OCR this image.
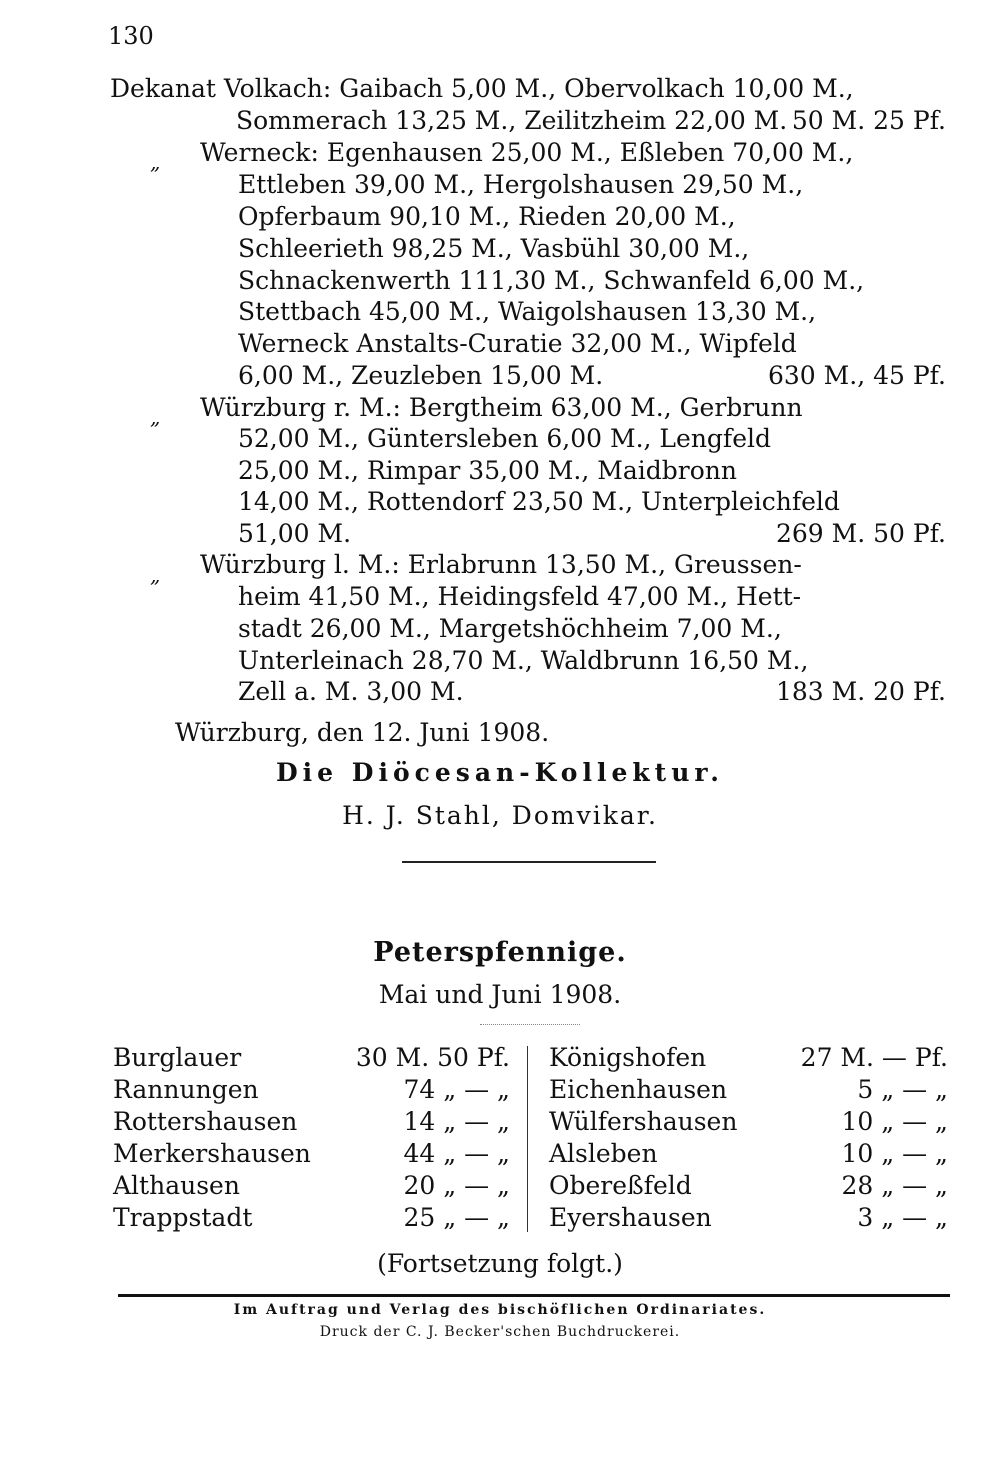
130
Dekanat Volkach: Gaibach 5,00 M., Obervolkach 10,00 M.,
Sommerach 13,25 M., Zeilitzheim 22,00 M. 50 M. 25 Pf.
„ Werneck: Egenhausen 25,00 M., Eßleben 70,00 M.,
Ettleben 39,00 M., Hergolshausen 29,50 M.,
Opferbaum 90,10 M., Rieden 20,00 M.,
Schleerieth 98,25 M., Vasbühl 30,00 M.,
Schnackenwerth 111,30 M., Schwanfeld 6,00 M.,
Stettbach 45,00 M., Waigolshausen 13,30 M.,
Werneck Anstalts-Curatie 32,00 M., Wipfeld
6,00 M., Zeuzleben 15,00 M.	630 M., 45 Pf.
„ Würzburg r. M.: Bergtheim 63,00 M., Gerbrunn
52,00 M., Güntersleben 6,00 M., Lengfeld
25,00 M., Rimpar 35,00 M., Maidbronn
14,00 M., Rottendorf 23,50 M., Unterpleichfeld
51,00 M.	269 M. 50 Pf.
„ Würzburg l. M.: Erlabrunn 13,50 M., Greussen-
heim 41,50 M., Heidingsfeld 47,00 M., Hett-
stadt 26,00 M., Margetshöchheim 7,00 M.,
Unterleinach 28,70 M., Waldbrunn 16,50 M.,
Zell a. M. 3,00 M.	183 M. 20 Pf.
Würzburg, den 12. Juni 1908.
Die Diöcesan-Kollektur.
H. J. Stahl, Domvikar.
Peterspfennige.
Mai und Juni 1908.
Burglauer	30 M. 50 Pf.
Rannungen	74 „ — „
Rottershausen	14 „ — „
Merkershausen	44 „ — „
Althausen	20 „ — „
Trappstadt	25 „ — „
Königshofen	27 M. — Pf.
Eichenhausen	5 „ — „
Wülfershausen	10 „ — „
Alsleben	10 „ — „
Obereßfeld	28 „ — „
Eyershausen	3 „ — „
(Fortsetzung folgt.)
Im Auftrag und Verlag des bischöflichen Ordinariates.
Druck der C. J. Becker'schen Buchdruckerei.
